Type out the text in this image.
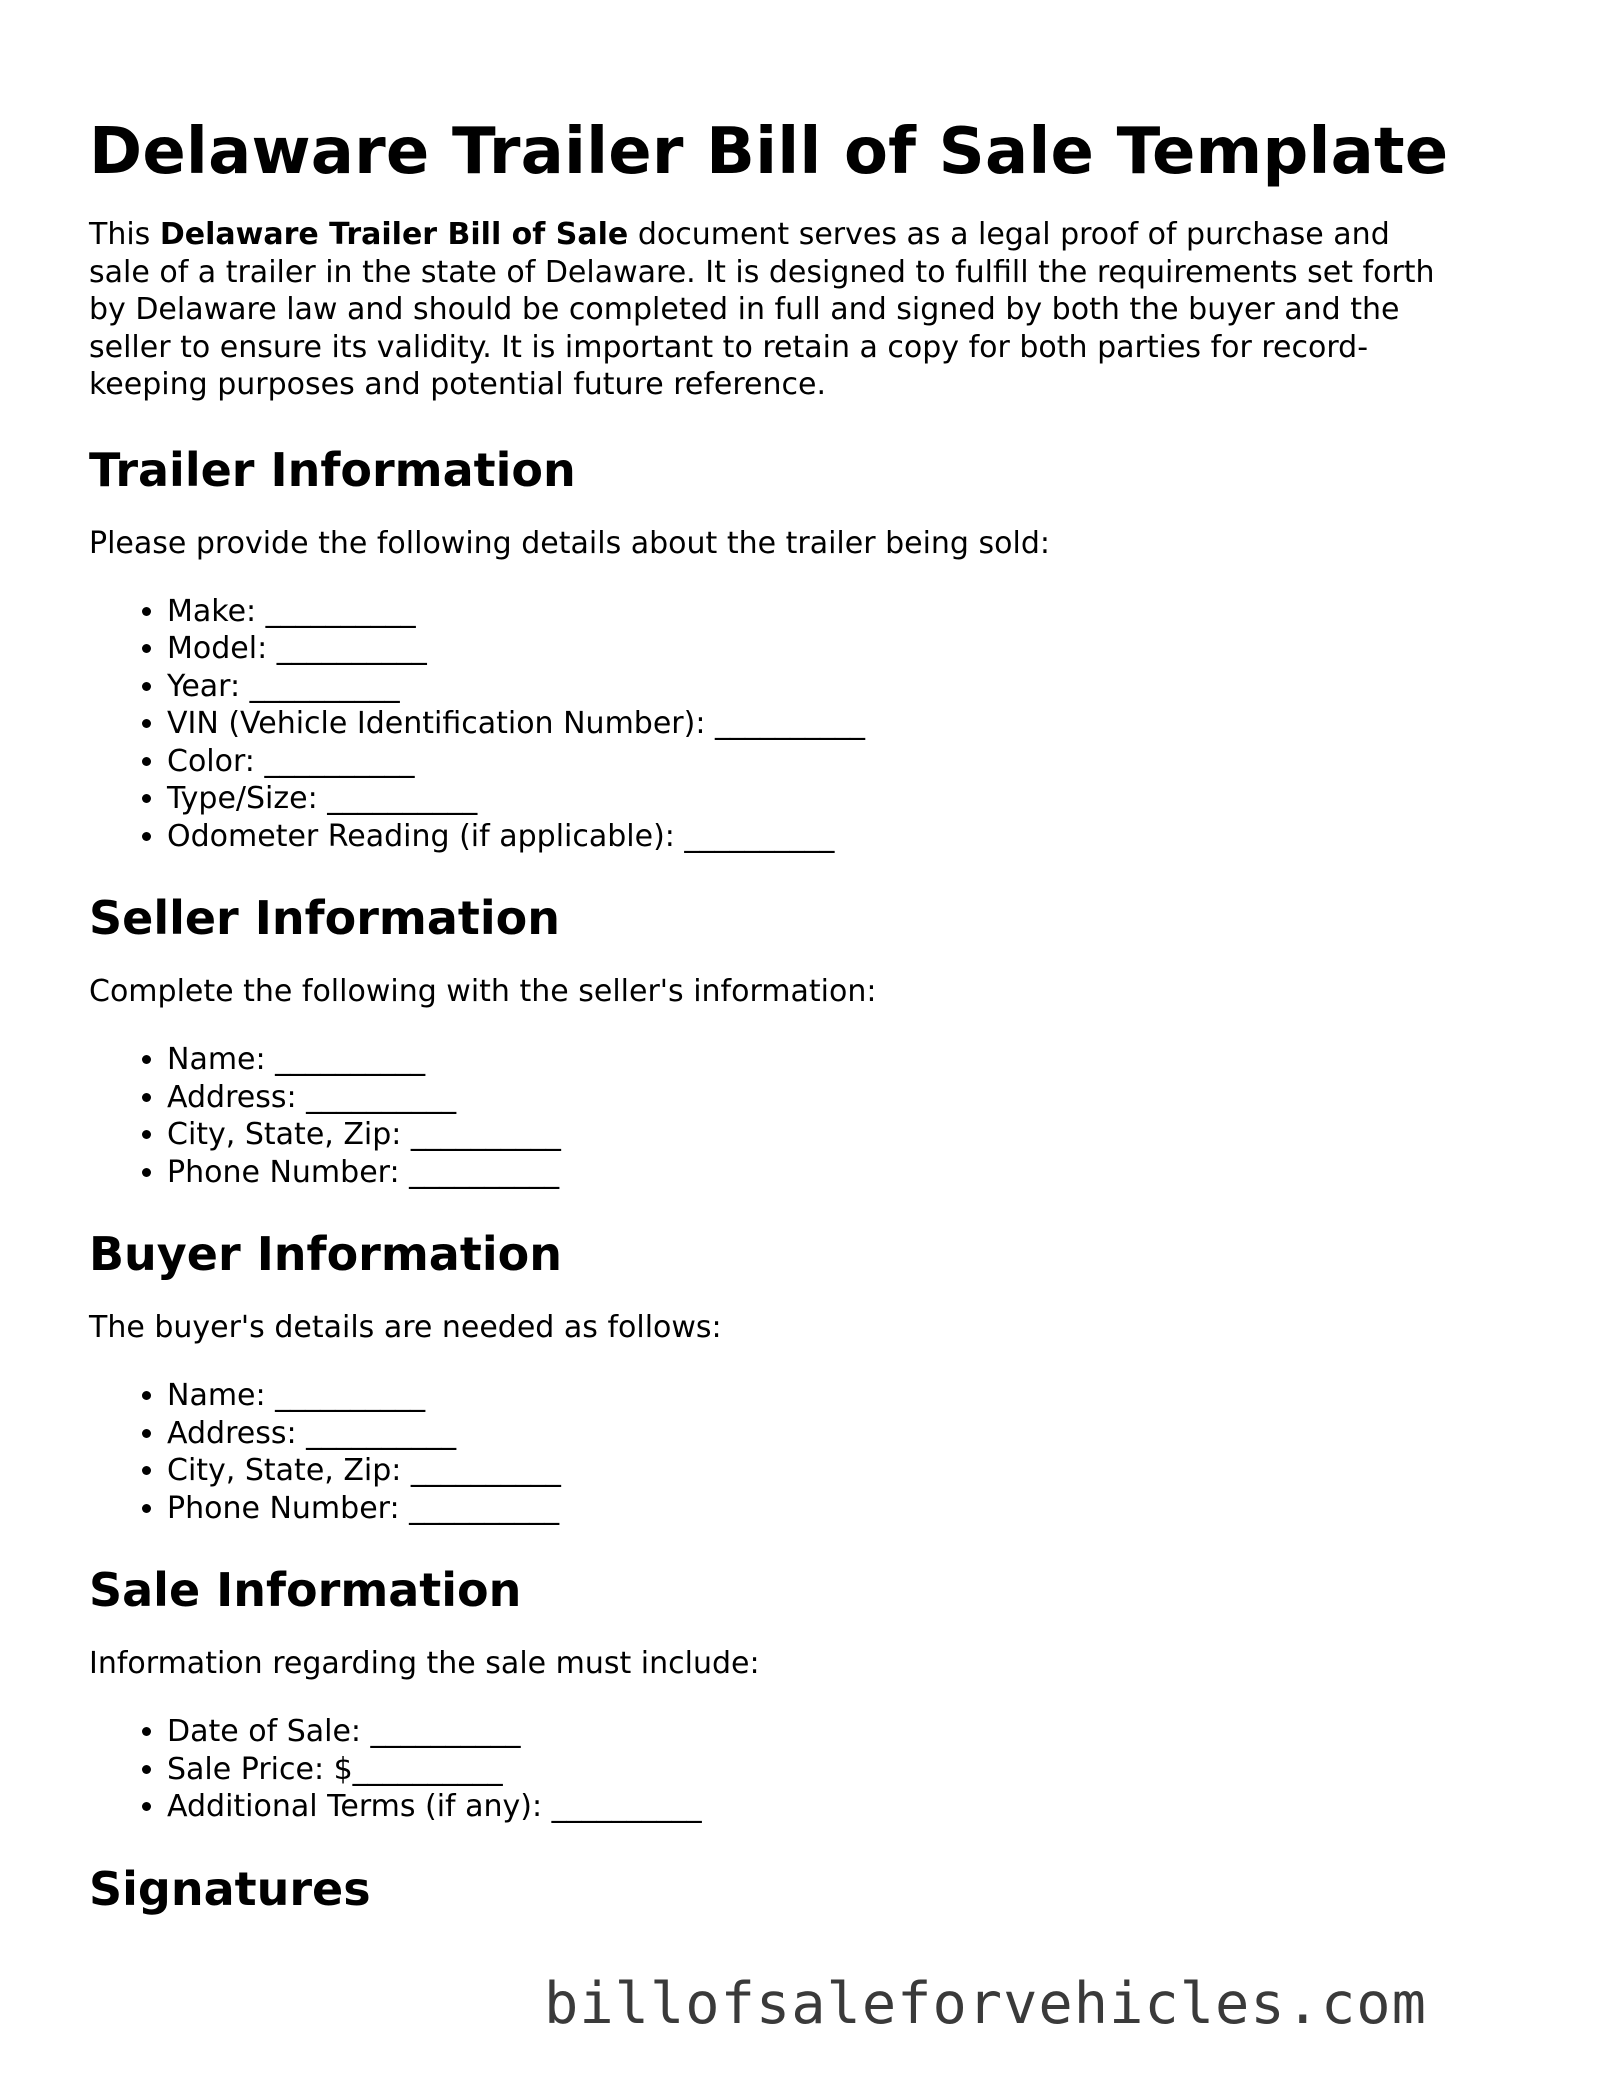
Delaware Trailer Bill of Sale Template

This Delaware Trailer Bill of Sale document serves as a legal proof of purchase and
sale of a trailer in the state of Delaware. It is designed to fulfill the requirements set forth
by Delaware law and should be completed in full and signed by both the buyer and the
seller to ensure its validity. It is important to retain a copy for both parties for record-
keeping purposes and potential future reference.

Trailer Information

Please provide the following details about the trailer being sold:

• Make: __________
• Model: __________
• Year: __________
• VIN (Vehicle Identification Number): __________
• Color: __________
• Type/Size: __________
• Odometer Reading (if applicable): __________
Seller Information

Complete the following with the seller's information:

• Name: __________
• Address: __________
• City, State, Zip: __________
• Phone Number: __________
Buyer Information

The buyer's details are needed as follows:

• Name: __________
• Address: __________
• City, State, Zip: __________
• Phone Number: __________
Sale Information

Information regarding the sale must include:

• Date of Sale: __________
• Sale Price: $__________
• Additional Terms (if any): __________
Signatures
billofsaleforvehicles.com
